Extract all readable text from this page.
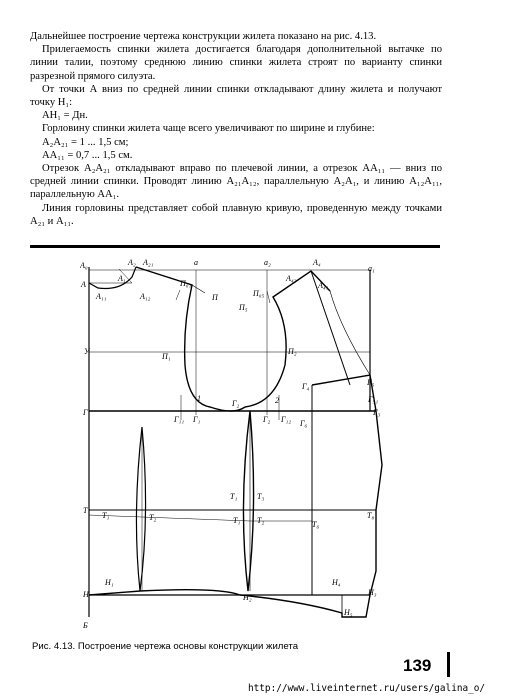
Дальнейшее построение чертежа конструкции жилета показано на рис. 4.13.

Прилегаемость спинки жилета достигается благодаря дополнительной вытачке по линии талии, поэтому среднюю линию спинки жилета строят по варианту спинки разрезной прямого силуэта.

От точки А вниз по средней линии спинки откладывают длину жилета и получают точку Н₁:

АН₁ = Дн.

Горловину спинки жилета чаще всего увеличивают по ширине и глубине:

А₂А₂₁ = 1 ... 1,5 см;

АА₁₁ = 0,7 ... 1,5 см.

Отрезок А₂А₂₁ откладывают вправо по плечевой линии, а отрезок АА₁₁ — вниз по средней линии спинки. Проводят линию А₂₁А₁₂, параллельную А₂А₁, и линию А₁₂А₁₁, параллельную АА₁.

Линия горловины представляет собой плавную кривую, проведенную между точками А₂₁ и А₁₁.

А₀	А₂ А₂₁	а	а₂	А₄
а₁
А
А₁
А₁₁	А₁₂
П₀₁
П
А₄₂
А₄₁
П₀₅
П₅
У
П₁
П₂
Г₄	Г₅
Г₅₁
Г
1
Г₂	2
Г₃
Г₁₁ Г₁	Г₂ Г₁₂ Г₆
Т₁ Т₃
Т
Т₁	Т₂
Т₆
Т₈
Т₁ Т₂
Н₁	Н₄
Н₃
Н	Н₂
Н₅
Б
Рис. 4.13. Построение чертежа основы конструкции жилета
139
http://www.liveinternet.ru/users/galina_o/
